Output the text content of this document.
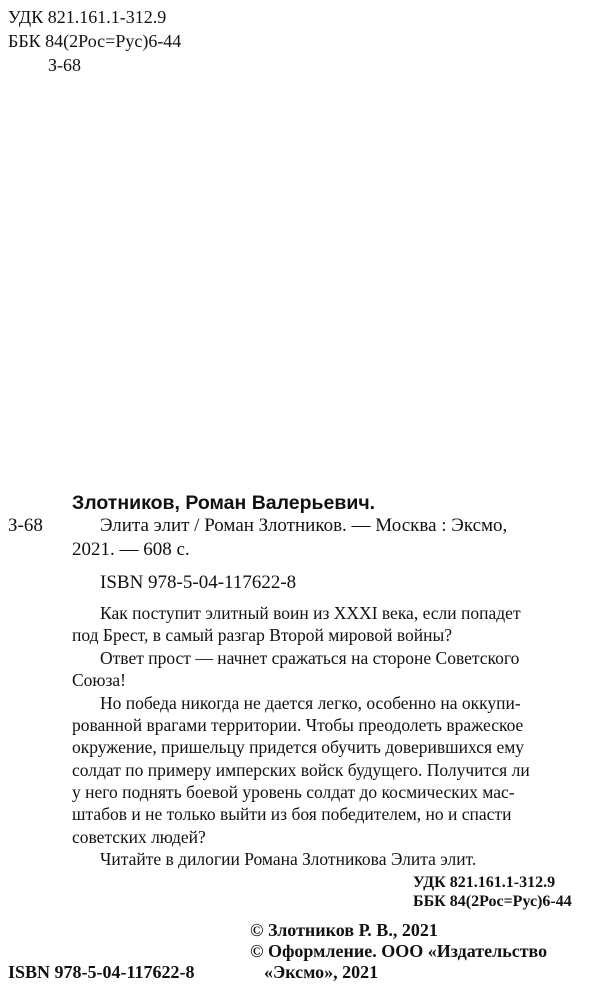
УДК 821.161.1-312.9
ББК 84(2Рос=Рус)6-44
З-68
Злотников, Роман Валерьевич.
З-68	Элита элит / Роман Злотников. — Москва : Эксмо,
2021. — 608 с.
ISBN 978-5-04-117622-8
Как поступит элитный воин из XXXI века, если попадет
под Брест, в самый разгар Второй мировой войны?
Ответ прост — начнет сражаться на стороне Советского
Союза!
Но победа никогда не дается легко, особенно на оккупи-
рованной врагами территории. Чтобы преодолеть вражеское
окружение, пришельцу придется обучить доверившихся ему
солдат по примеру имперских войск будущего. Получится ли
у него поднять боевой уровень солдат до космических мас-
штабов и не только выйти из боя победителем, но и спасти
советских людей?
Читайте в дилогии Романа Злотникова Элита элит.
УДК 821.161.1-312.9
ББК 84(2Рос=Рус)6-44
© Злотников Р. В., 2021
© Оформление. ООО «Издательство
ISBN 978-5-04-117622-8	«Эксмо», 2021
